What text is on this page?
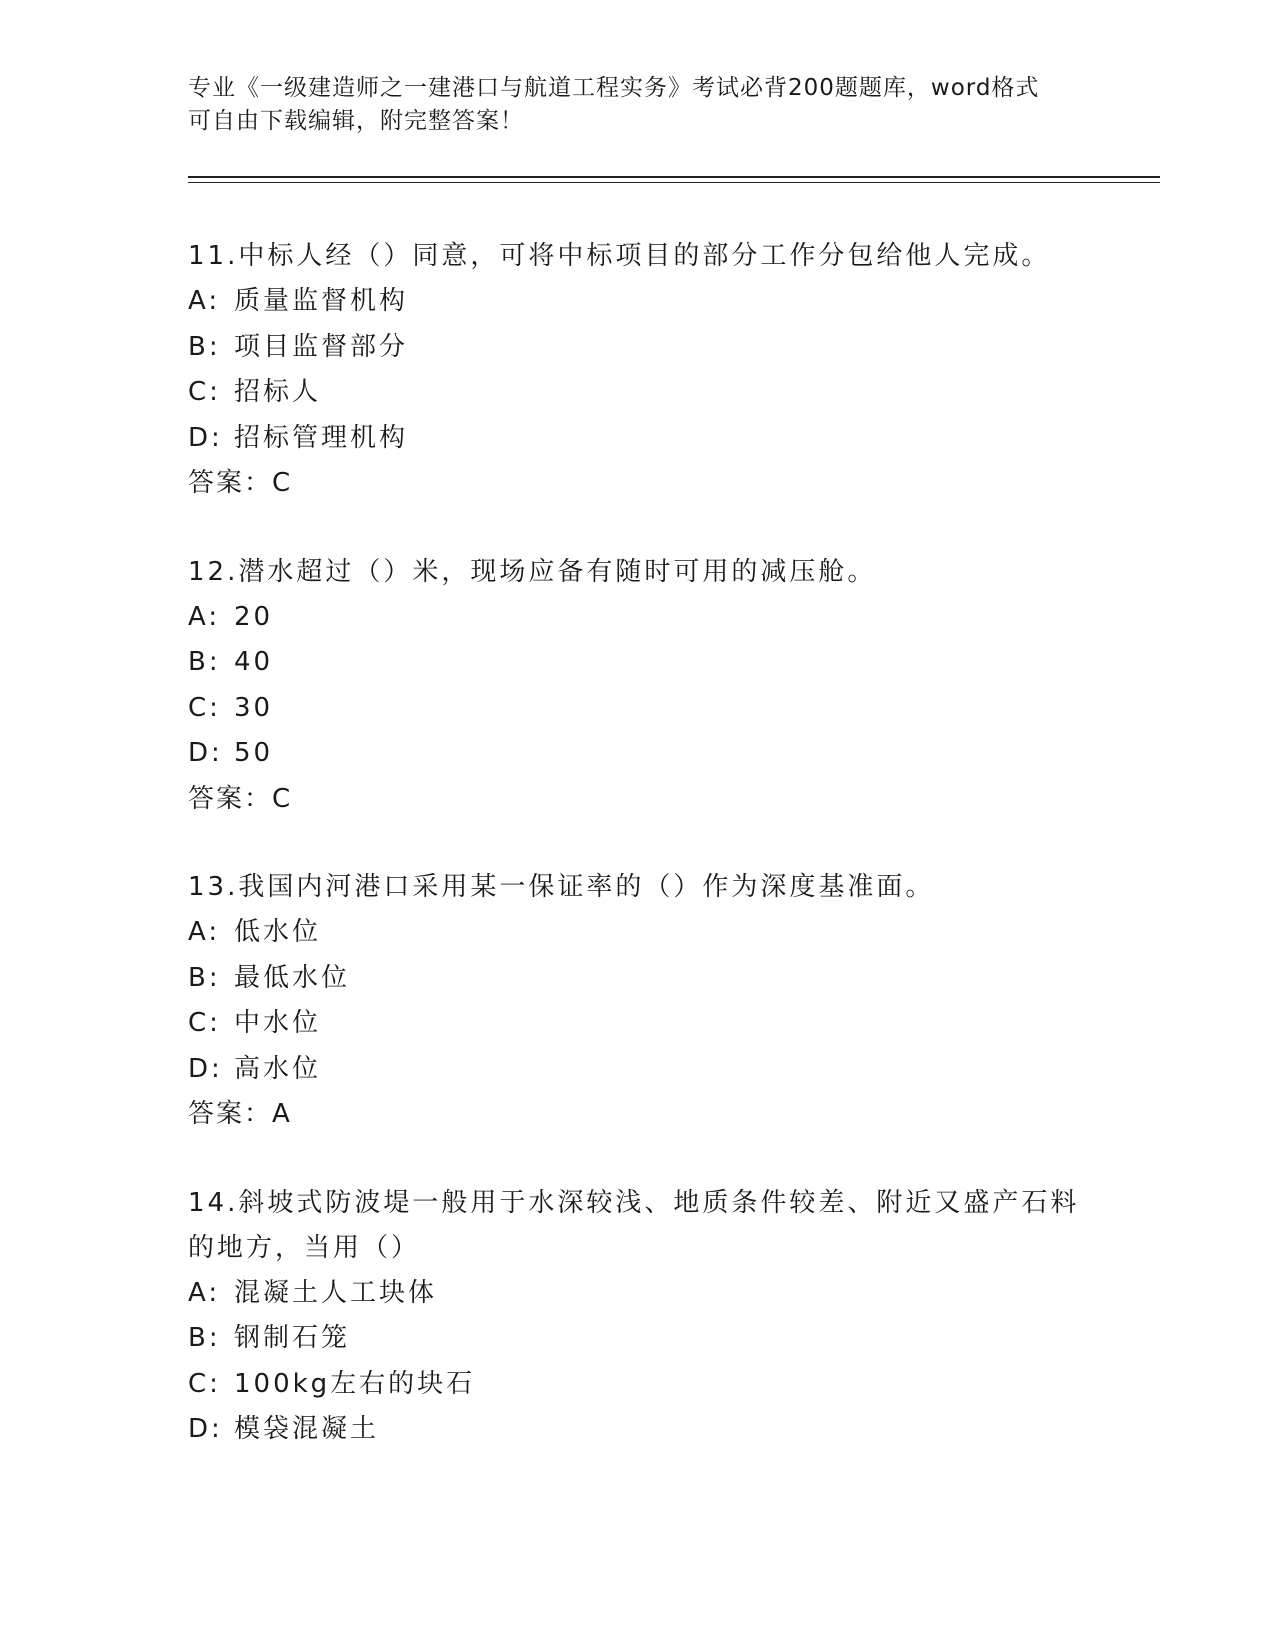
专业《一级建造师之一建港口与航道工程实务》考试必背200题题库，word格式
可自由下载编辑，附完整答案！
11.中标人经（）同意，可将中标项目的部分工作分包给他人完成。
A: 质量监督机构
B: 项目监督部分
C: 招标人
D: 招标管理机构
答案：C
12.潜水超过（）米，现场应备有随时可用的减压舱。
A: 20
B: 40
C: 30
D: 50
答案：C
13.我国内河港口采用某一保证率的（）作为深度基准面。
A: 低水位
B: 最低水位
C: 中水位
D: 高水位
答案：A
14.斜坡式防波堤一般用于水深较浅、地质条件较差、附近又盛产石料
的地方，当用（）
A: 混凝土人工块体
B: 钢制石笼
C: 100kg左右的块石
D: 模袋混凝土
